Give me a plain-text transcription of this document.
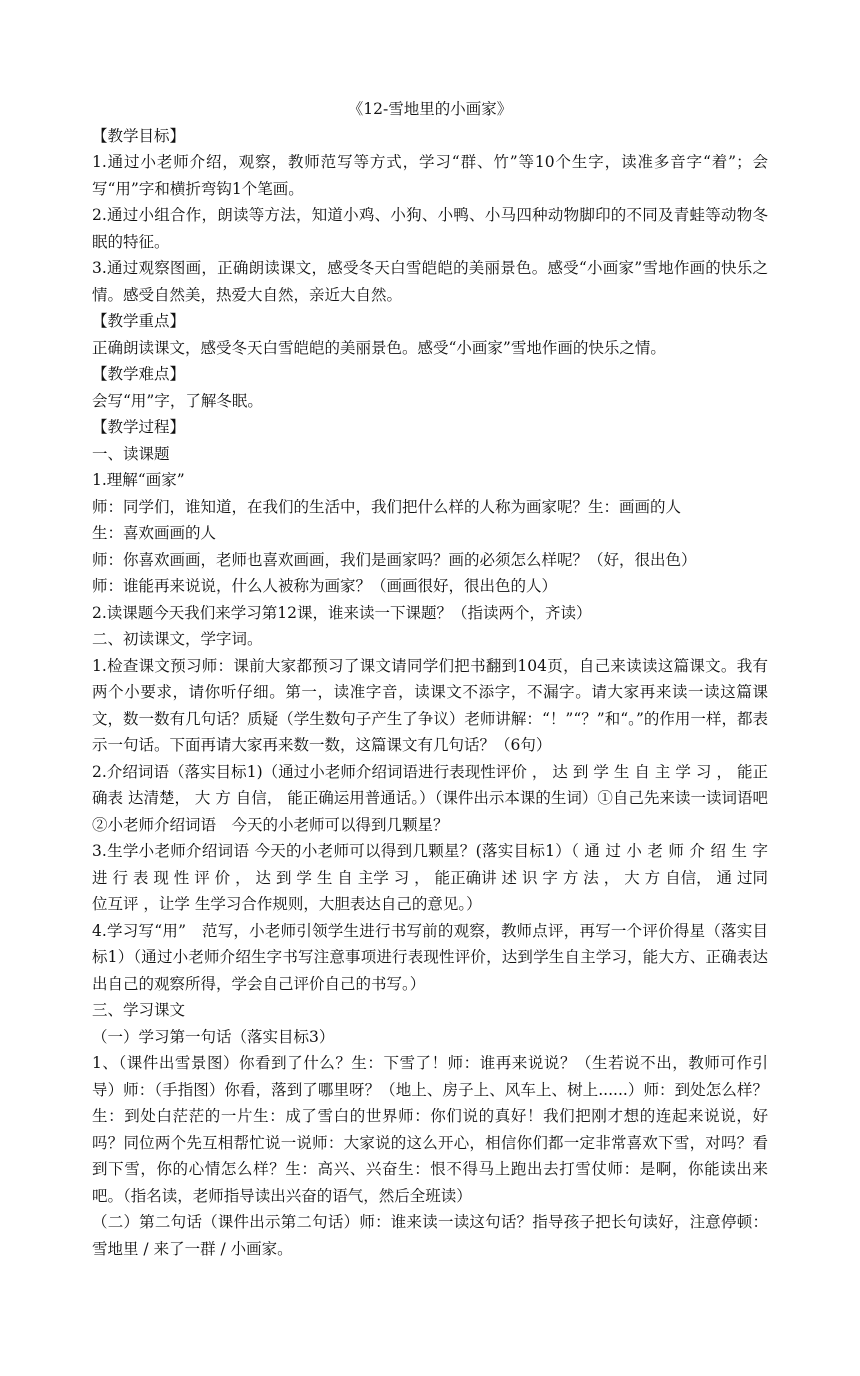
《12-雪地里的小画家》

【教学目标】

1.通过小老师介绍，观察，教师范写等方式，学习“群、竹”等10个生字，读准多音字“着”；会写“用”字和横折弯钩1个笔画。

2.通过小组合作，朗读等方法，知道小鸡、小狗、小鸭、小马四种动物脚印的不同及青蛙等动物冬眠的特征。

3.通过观察图画，正确朗读课文，感受冬天白雪皑皑的美丽景色。感受“小画家”雪地作画的快乐之情。感受自然美，热爱大自然，亲近大自然。

【教学重点】

正确朗读课文，感受冬天白雪皑皑的美丽景色。感受“小画家”雪地作画的快乐之情。

【教学难点】

会写“用”字，了解冬眠。

【教学过程】

一、读课题

1.理解“画家”

师：同学们，谁知道，在我们的生活中，我们把什么样的人称为画家呢？生：画画的人

生：喜欢画画的人

师：你喜欢画画，老师也喜欢画画，我们是画家吗？画的必须怎么样呢？（好，很出色）

师：谁能再来说说，什么人被称为画家？（画画很好，很出色的人）

2.读课题今天我们来学习第12课，谁来读一下课题？（指读两个，齐读）

二、初读课文，学字词。

1.检查课文预习师：课前大家都预习了课文请同学们把书翻到104页，自己来读读这篇课文。我有两个小要求，请你听仔细。第一，读准字音，读课文不添字，不漏字。请大家再来读一读这篇课文，数一数有几句话？质疑（学生数句子产生了争议）老师讲解：“！”“？”和“。”的作用一样，都表示一句话。下面再请大家再来数一数，这篇课文有几句话？（6句）

2.介绍词语（落实目标1)（通过小老师介绍词语进行表现性评价 ， 达 到 学 生 自 主 学 习 ， 能正确表 达清楚， 大 方 自信， 能正确运用普通话。）（课件出示本课的生词）①自己先来读一读词语吧②小老师介绍词语　今天的小老师可以得到几颗星？

3.生学小老师介绍词语 今天的小老师可以得到几颗星？(落实目标1）（ 通 过 小 老 师 介 绍 生 字 进 行 表 现 性 评 价 ， 达 到 学 生 自 主学 习 ， 能正确讲 述 识 字 方 法 ， 大 方 自信， 通 过同位互评 ，让学 生学习合作规则，大胆表达自己的意见。）

4.学习写“用”　范写，小老师引领学生进行书写前的观察，教师点评，再写一个评价得星（落实目标1）（通过小老师介绍生字书写注意事项进行表现性评价，达到学生自主学习，能大方、正确表达出自己的观察所得，学会自己评价自己的书写。）

三、学习课文

（一）学习第一句话（落实目标3）

1、（课件出雪景图）你看到了什么？生：下雪了！师：谁再来说说？（生若说不出，教师可作引导）师：（手指图）你看，落到了哪里呀？（地上、房子上、风车上、树上......）师：到处怎么样？生：到处白茫茫的一片生：成了雪白的世界师：你们说的真好！我们把刚才想的连起来说说，好吗？同位两个先互相帮忙说一说师：大家说的这么开心，相信你们都一定非常喜欢下雪，对吗？看到下雪，你的心情怎么样？生：高兴、兴奋生：恨不得马上跑出去打雪仗师：是啊，你能读出来吧。（指名读，老师指导读出兴奋的语气，然后全班读）

（二）第二句话（课件出示第二句话）师：谁来读一读这句话？指导孩子把长句读好，注意停顿：雪地里 / 来了一群 / 小画家。
